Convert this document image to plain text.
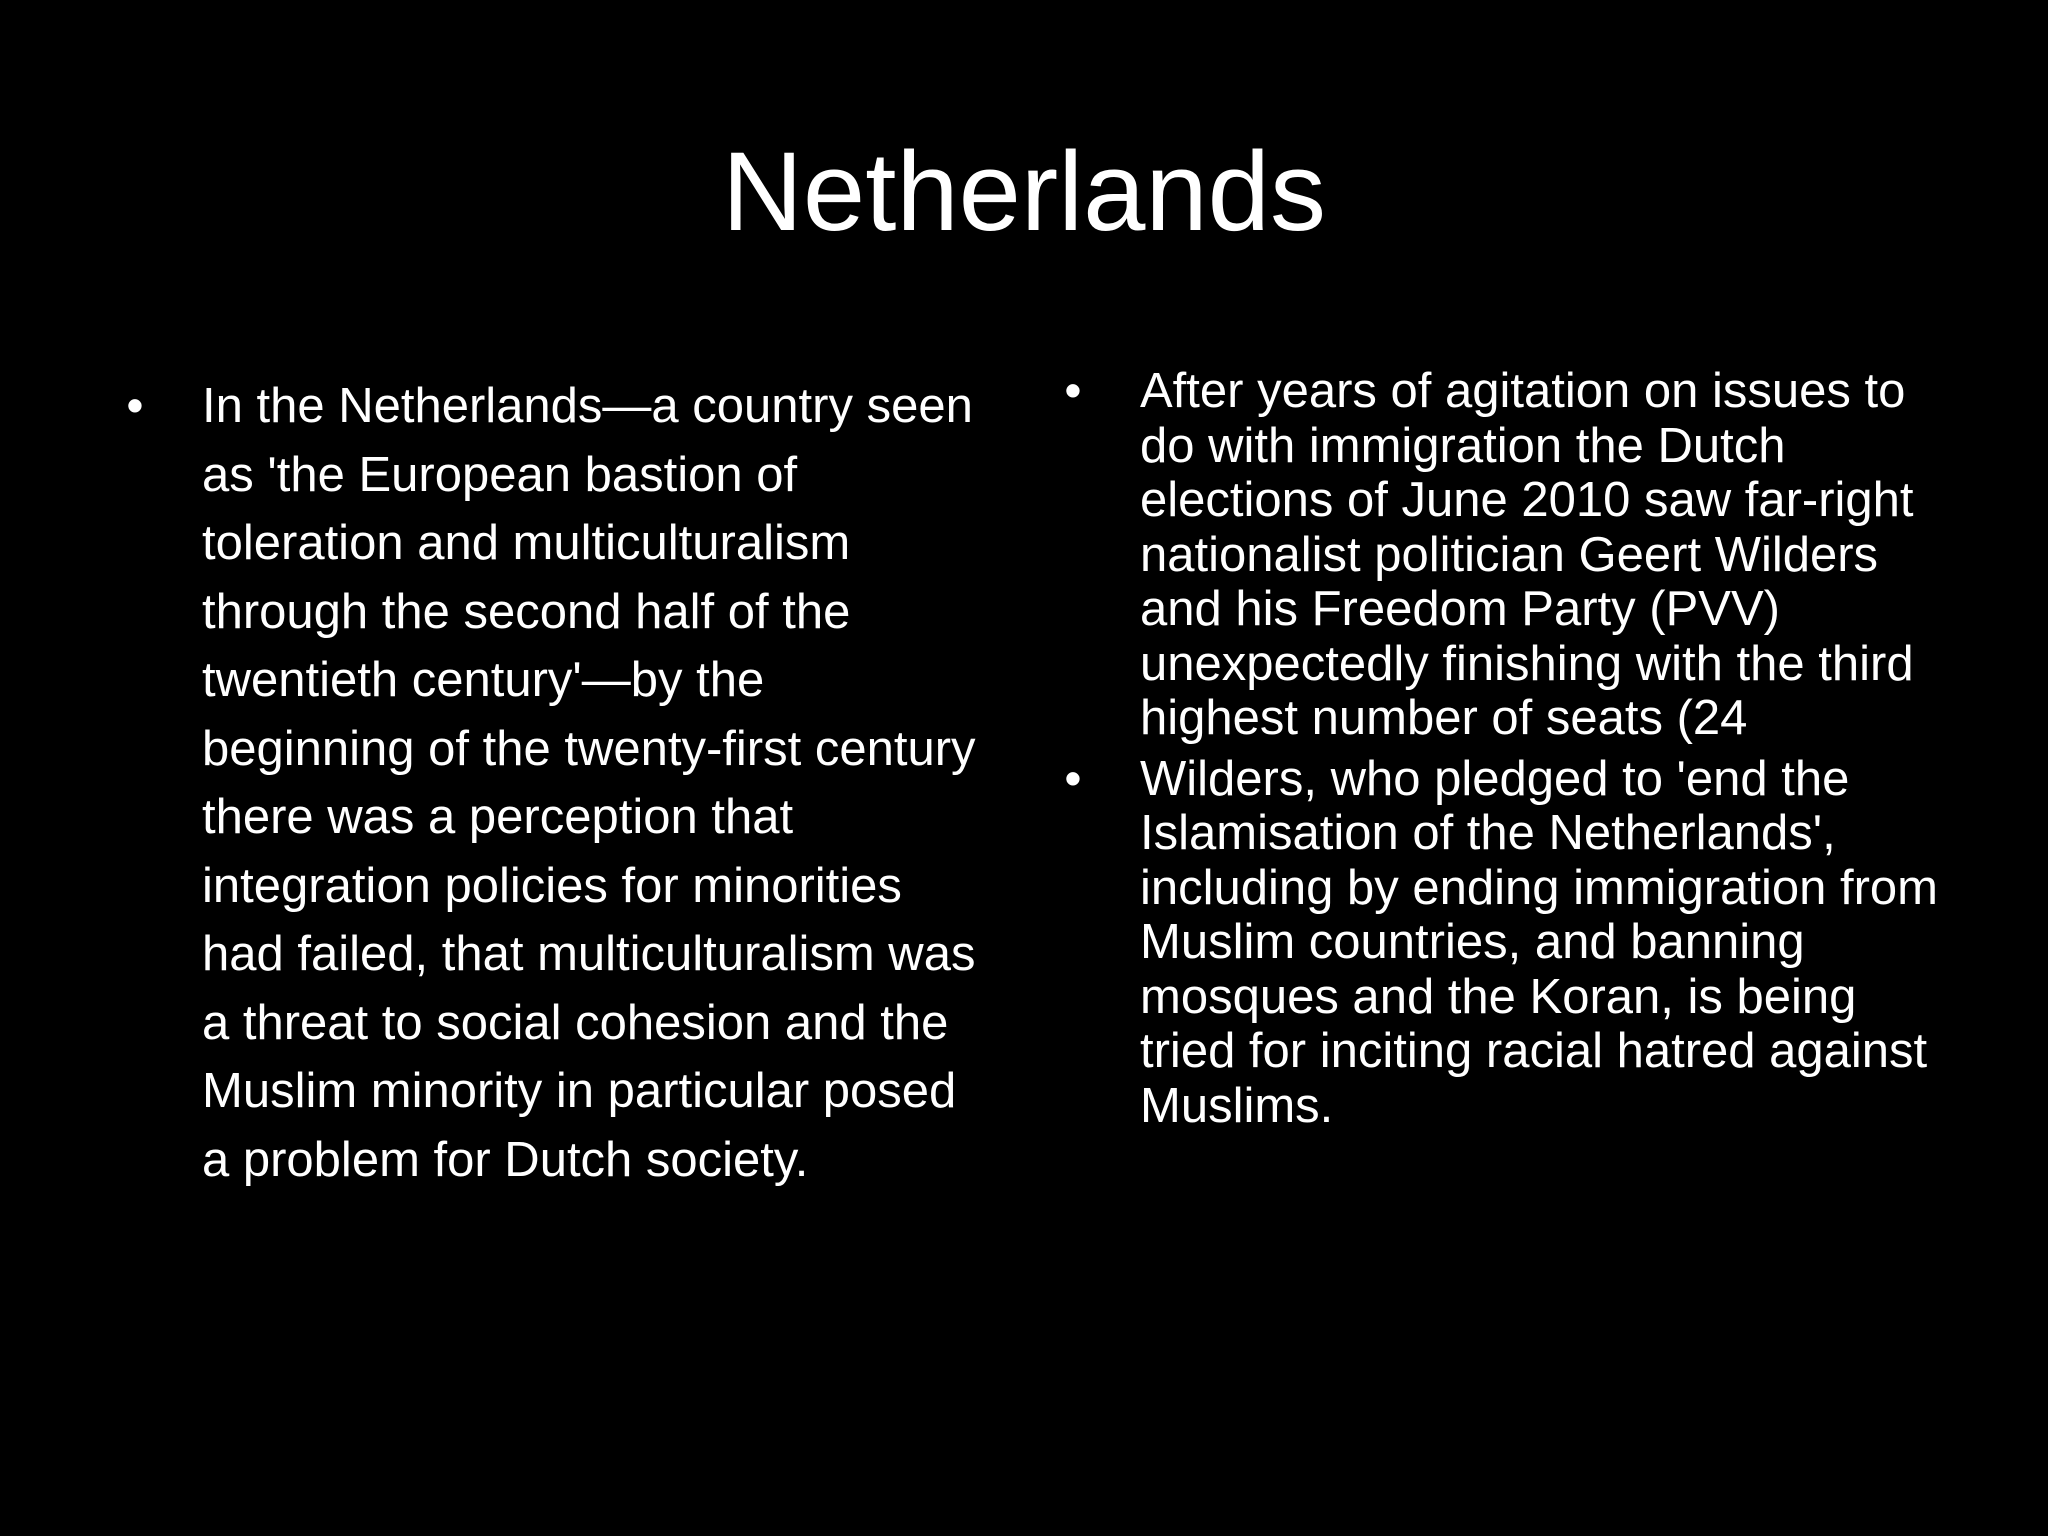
Netherlands
• In the Netherlands—a country seen as 'the European bastion of toleration and multiculturalism through the second half of the twentieth century'—by the beginning of the twenty-first century there was a perception that integration policies for minorities had failed, that multiculturalism was a threat to social cohesion and the Muslim minority in particular posed a problem for Dutch society.
• After years of agitation on issues to do with immigration the Dutch elections of June 2010 saw far-right nationalist politician Geert Wilders and his Freedom Party (PVV) unexpectedly finishing with the third highest number of seats (24
• Wilders, who pledged to 'end the Islamisation of the Netherlands', including by ending immigration from Muslim countries, and banning mosques and the Koran, is being tried for inciting racial hatred against Muslims.
